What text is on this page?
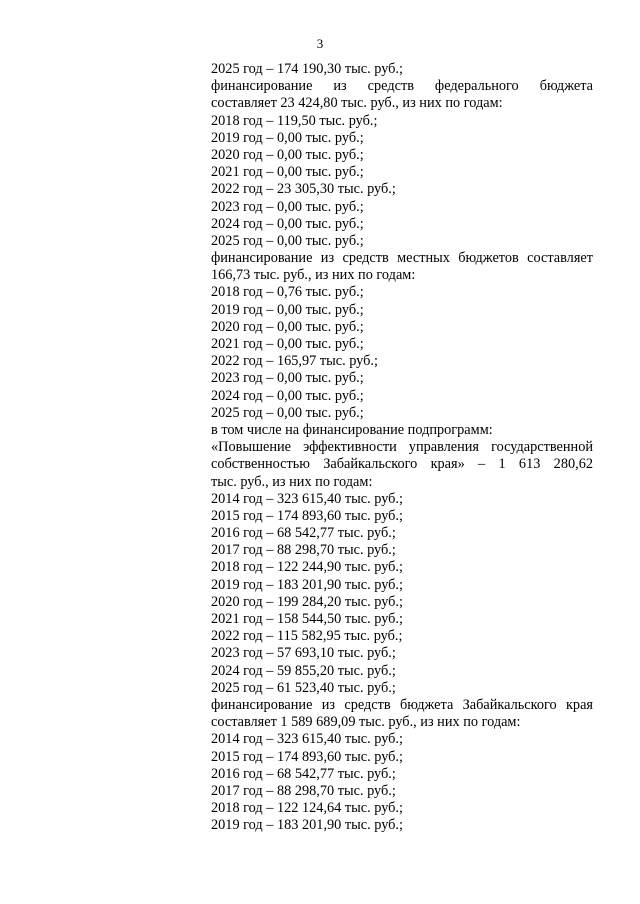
3
2025 год – 174 190,30 тыс. руб.;
финансирование из средств федерального бюджета
составляет 23 424,80 тыс. руб., из них по годам:
2018 год – 119,50 тыс. руб.;
2019 год – 0,00 тыс. руб.;
2020 год – 0,00 тыс. руб.;
2021 год – 0,00 тыс. руб.;
2022 год – 23 305,30 тыс. руб.;
2023 год – 0,00 тыс. руб.;
2024 год – 0,00 тыс. руб.;
2025 год – 0,00 тыс. руб.;
финансирование из средств местных бюджетов составляет
166,73 тыс. руб., из них по годам:
2018 год – 0,76 тыс. руб.;
2019 год – 0,00 тыс. руб.;
2020 год – 0,00 тыс. руб.;
2021 год – 0,00 тыс. руб.;
2022 год – 165,97 тыс. руб.;
2023 год – 0,00 тыс. руб.;
2024 год – 0,00 тыс. руб.;
2025 год – 0,00 тыс. руб.;
в том числе на финансирование подпрограмм:
«Повышение эффективности управления государственной
собственностью Забайкальского края» – 1 613 280,62
тыс. руб., из них по годам:
2014 год – 323 615,40 тыс. руб.;
2015 год – 174 893,60 тыс. руб.;
2016 год – 68 542,77 тыс. руб.;
2017 год – 88 298,70 тыс. руб.;
2018 год – 122 244,90 тыс. руб.;
2019 год – 183 201,90 тыс. руб.;
2020 год – 199 284,20 тыс. руб.;
2021 год – 158 544,50 тыс. руб.;
2022 год – 115 582,95 тыс. руб.;
2023 год – 57 693,10 тыс. руб.;
2024 год – 59 855,20 тыс. руб.;
2025 год – 61 523,40 тыс. руб.;
финансирование из средств бюджета Забайкальского края
составляет 1 589 689,09 тыс. руб., из них по годам:
2014 год – 323 615,40 тыс. руб.;
2015 год – 174 893,60 тыс. руб.;
2016 год – 68 542,77 тыс. руб.;
2017 год – 88 298,70 тыс. руб.;
2018 год – 122 124,64 тыс. руб.;
2019 год – 183 201,90 тыс. руб.;
